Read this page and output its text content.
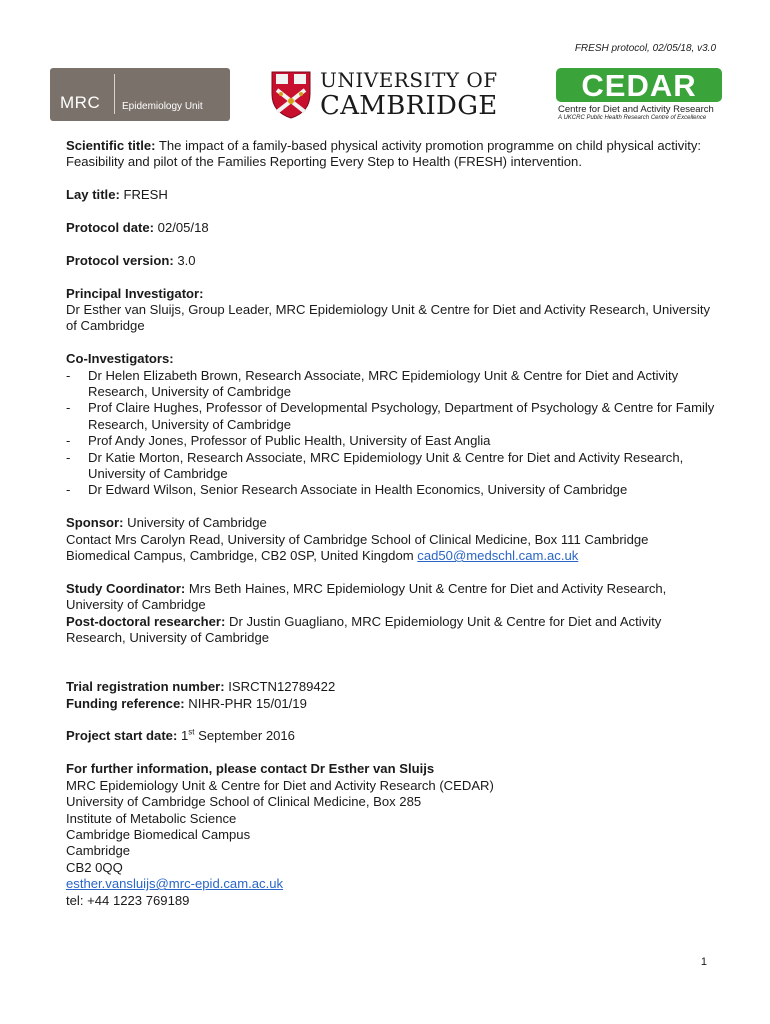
FRESH protocol, 02/05/18, v3.0
MRC Epidemiology Unit
UNIVERSITY OF
CAMBRIDGE
CEDAR
Centre for Diet and Activity Research
A UKCRC Public Health Research Centre of Excellence

Scientific title: The impact of a family-based physical activity promotion programme on child physical activity: Feasibility and pilot of the Families Reporting Every Step to Health (FRESH) intervention.

Lay title: FRESH

Protocol date: 02/05/18

Protocol version: 3.0

Principal Investigator:
Dr Esther van Sluijs, Group Leader, MRC Epidemiology Unit & Centre for Diet and Activity Research, University of Cambridge
Co-Investigators:
- Dr Helen Elizabeth Brown, Research Associate, MRC Epidemiology Unit & Centre for Diet and Activity Research, University of Cambridge
- Prof Claire Hughes, Professor of Developmental Psychology, Department of Psychology & Centre for Family Research, University of Cambridge
- Prof Andy Jones, Professor of Public Health, University of East Anglia
- Dr Katie Morton, Research Associate, MRC Epidemiology Unit & Centre for Diet and Activity Research, University of Cambridge
- Dr Edward Wilson, Senior Research Associate in Health Economics, University of Cambridge
Sponsor: University of Cambridge
Contact Mrs Carolyn Read, University of Cambridge School of Clinical Medicine, Box 111 Cambridge Biomedical Campus, Cambridge, CB2 0SP, United Kingdom cad50@medschl.cam.ac.uk

Study Coordinator: Mrs Beth Haines, MRC Epidemiology Unit & Centre for Diet and Activity Research, University of Cambridge

Post-doctoral researcher: Dr Justin Guagliano, MRC Epidemiology Unit & Centre for Diet and Activity Research, University of Cambridge

Trial registration number: ISRCTN12789422

Funding reference: NIHR-PHR 15/01/19

Project start date: 1st September 2016

For further information, please contact Dr Esther van Sluijs
MRC Epidemiology Unit & Centre for Diet and Activity Research (CEDAR)
University of Cambridge School of Clinical Medicine, Box 285
Institute of Metabolic Science
Cambridge Biomedical Campus
Cambridge
CB2 0QQ
esther.vansluijs@mrc-epid.cam.ac.uk
tel: +44 1223 769189
1
